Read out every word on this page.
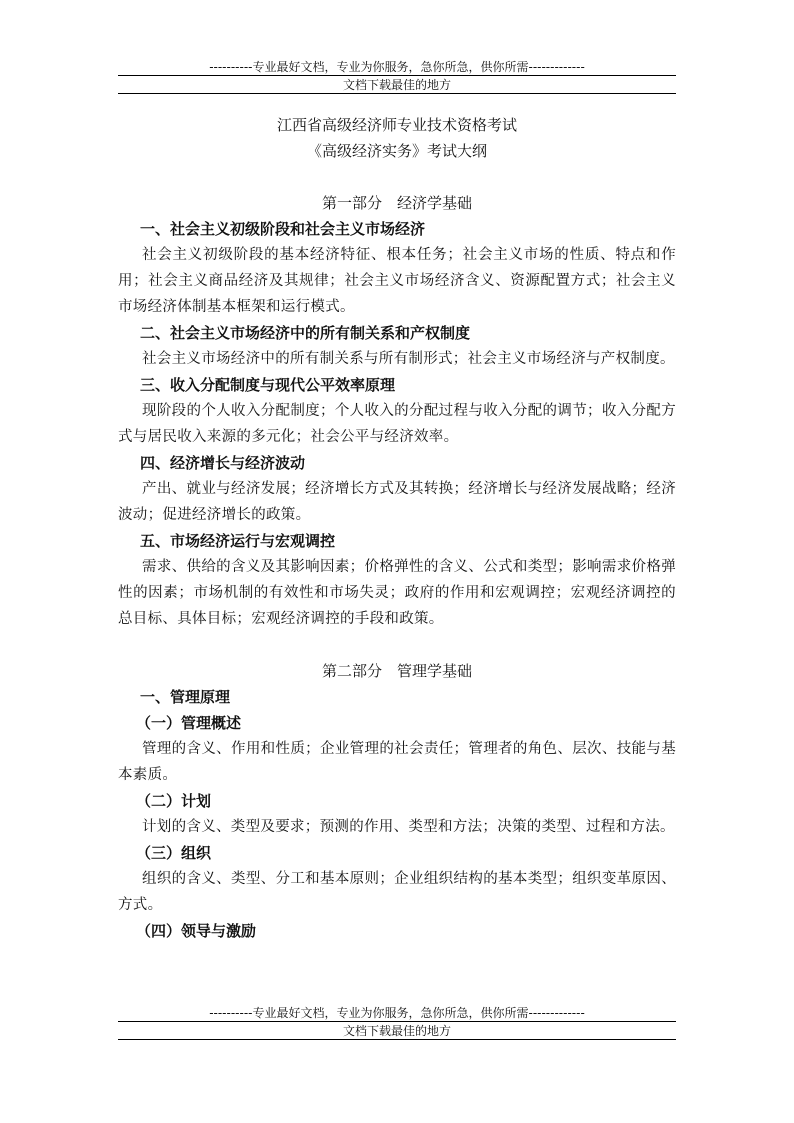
----------专业最好文档，专业为你服务，急你所急，供你所需-------------
文档下载最佳的地方

江西省高级经济师专业技术资格考试

《高级经济实务》考试大纲

第一部分　经济学基础

一、社会主义初级阶段和社会主义市场经济

社会主义初级阶段的基本经济特征、根本任务；社会主义市场的性质、特点和作用；社会主义商品经济及其规律；社会主义市场经济含义、资源配置方式；社会主义市场经济体制基本框架和运行模式。

二、社会主义市场经济中的所有制关系和产权制度

社会主义市场经济中的所有制关系与所有制形式；社会主义市场经济与产权制度。

三、收入分配制度与现代公平效率原理

现阶段的个人收入分配制度；个人收入的分配过程与收入分配的调节；收入分配方式与居民收入来源的多元化；社会公平与经济效率。

四、经济增长与经济波动

产出、就业与经济发展；经济增长方式及其转换；经济增长与经济发展战略；经济波动；促进经济增长的政策。

五、市场经济运行与宏观调控

需求、供给的含义及其影响因素；价格弹性的含义、公式和类型；影响需求价格弹性的因素；市场机制的有效性和市场失灵；政府的作用和宏观调控；宏观经济调控的总目标、具体目标；宏观经济调控的手段和政策。

第二部分　管理学基础

一、管理原理

（一）管理概述

管理的含义、作用和性质；企业管理的社会责任；管理者的角色、层次、技能与基本素质。

（二）计划

计划的含义、类型及要求；预测的作用、类型和方法；决策的类型、过程和方法。

（三）组织

组织的含义、类型、分工和基本原则；企业组织结构的基本类型；组织变革原因、方式。

（四）领导与激励

----------专业最好文档，专业为你服务，急你所急，供你所需-------------
文档下载最佳的地方
